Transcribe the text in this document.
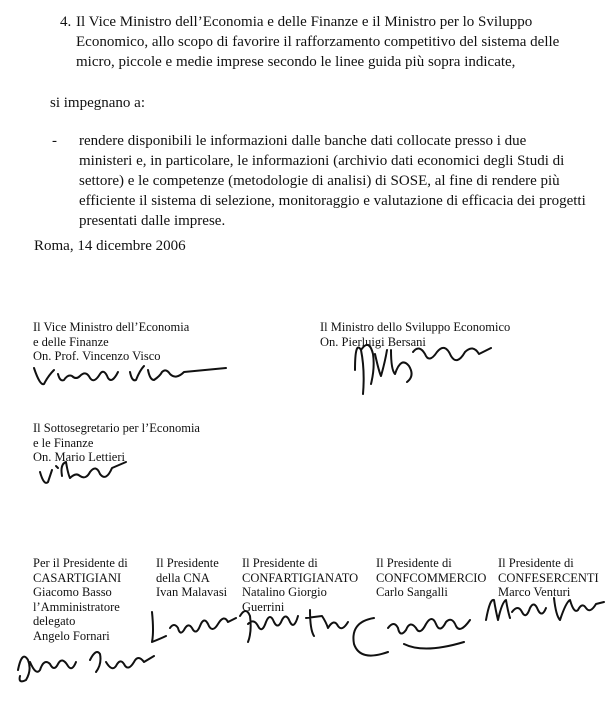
4. Il Vice Ministro dell’Economia e delle Finanze e il Ministro per lo Sviluppo
Economico, allo scopo di favorire il rafforzamento competitivo del sistema delle
micro, piccole e medie imprese secondo le linee guida più sopra indicate,
si impegnano a:
- rendere disponibili le informazioni dalle banche dati collocate presso i due
ministeri e, in particolare, le informazioni (archivio dati economici degli Studi di
settore) e le competenze (metodologie di analisi) di SOSE, al fine di rendere più
efficiente il sistema di selezione, monitoraggio e valutazione di efficacia dei progetti
presentati dalle imprese.
Roma, 14 dicembre 2006
Il Vice Ministro dell’Economia
e delle Finanze
On. Prof. Vincenzo Visco
Il Ministro dello Sviluppo Economico
On. Pierluigi Bersani
Il Sottosegretario per l’Economia
e le Finanze
On. Mario Lettieri
Per il Presidente di
CASARTIGIANI
Giacomo Basso
l’Amministratore
delegato
Angelo Fornari
Il Presidente
della CNA
Ivan Malavasi
Il Presidente di
CONFARTIGIANATO
Natalino Giorgio
Guerrini
Il Presidente di
CONFCOMMERCIO
Carlo Sangalli
Il Presidente di
CONFESERCENTI
Marco Venturi
